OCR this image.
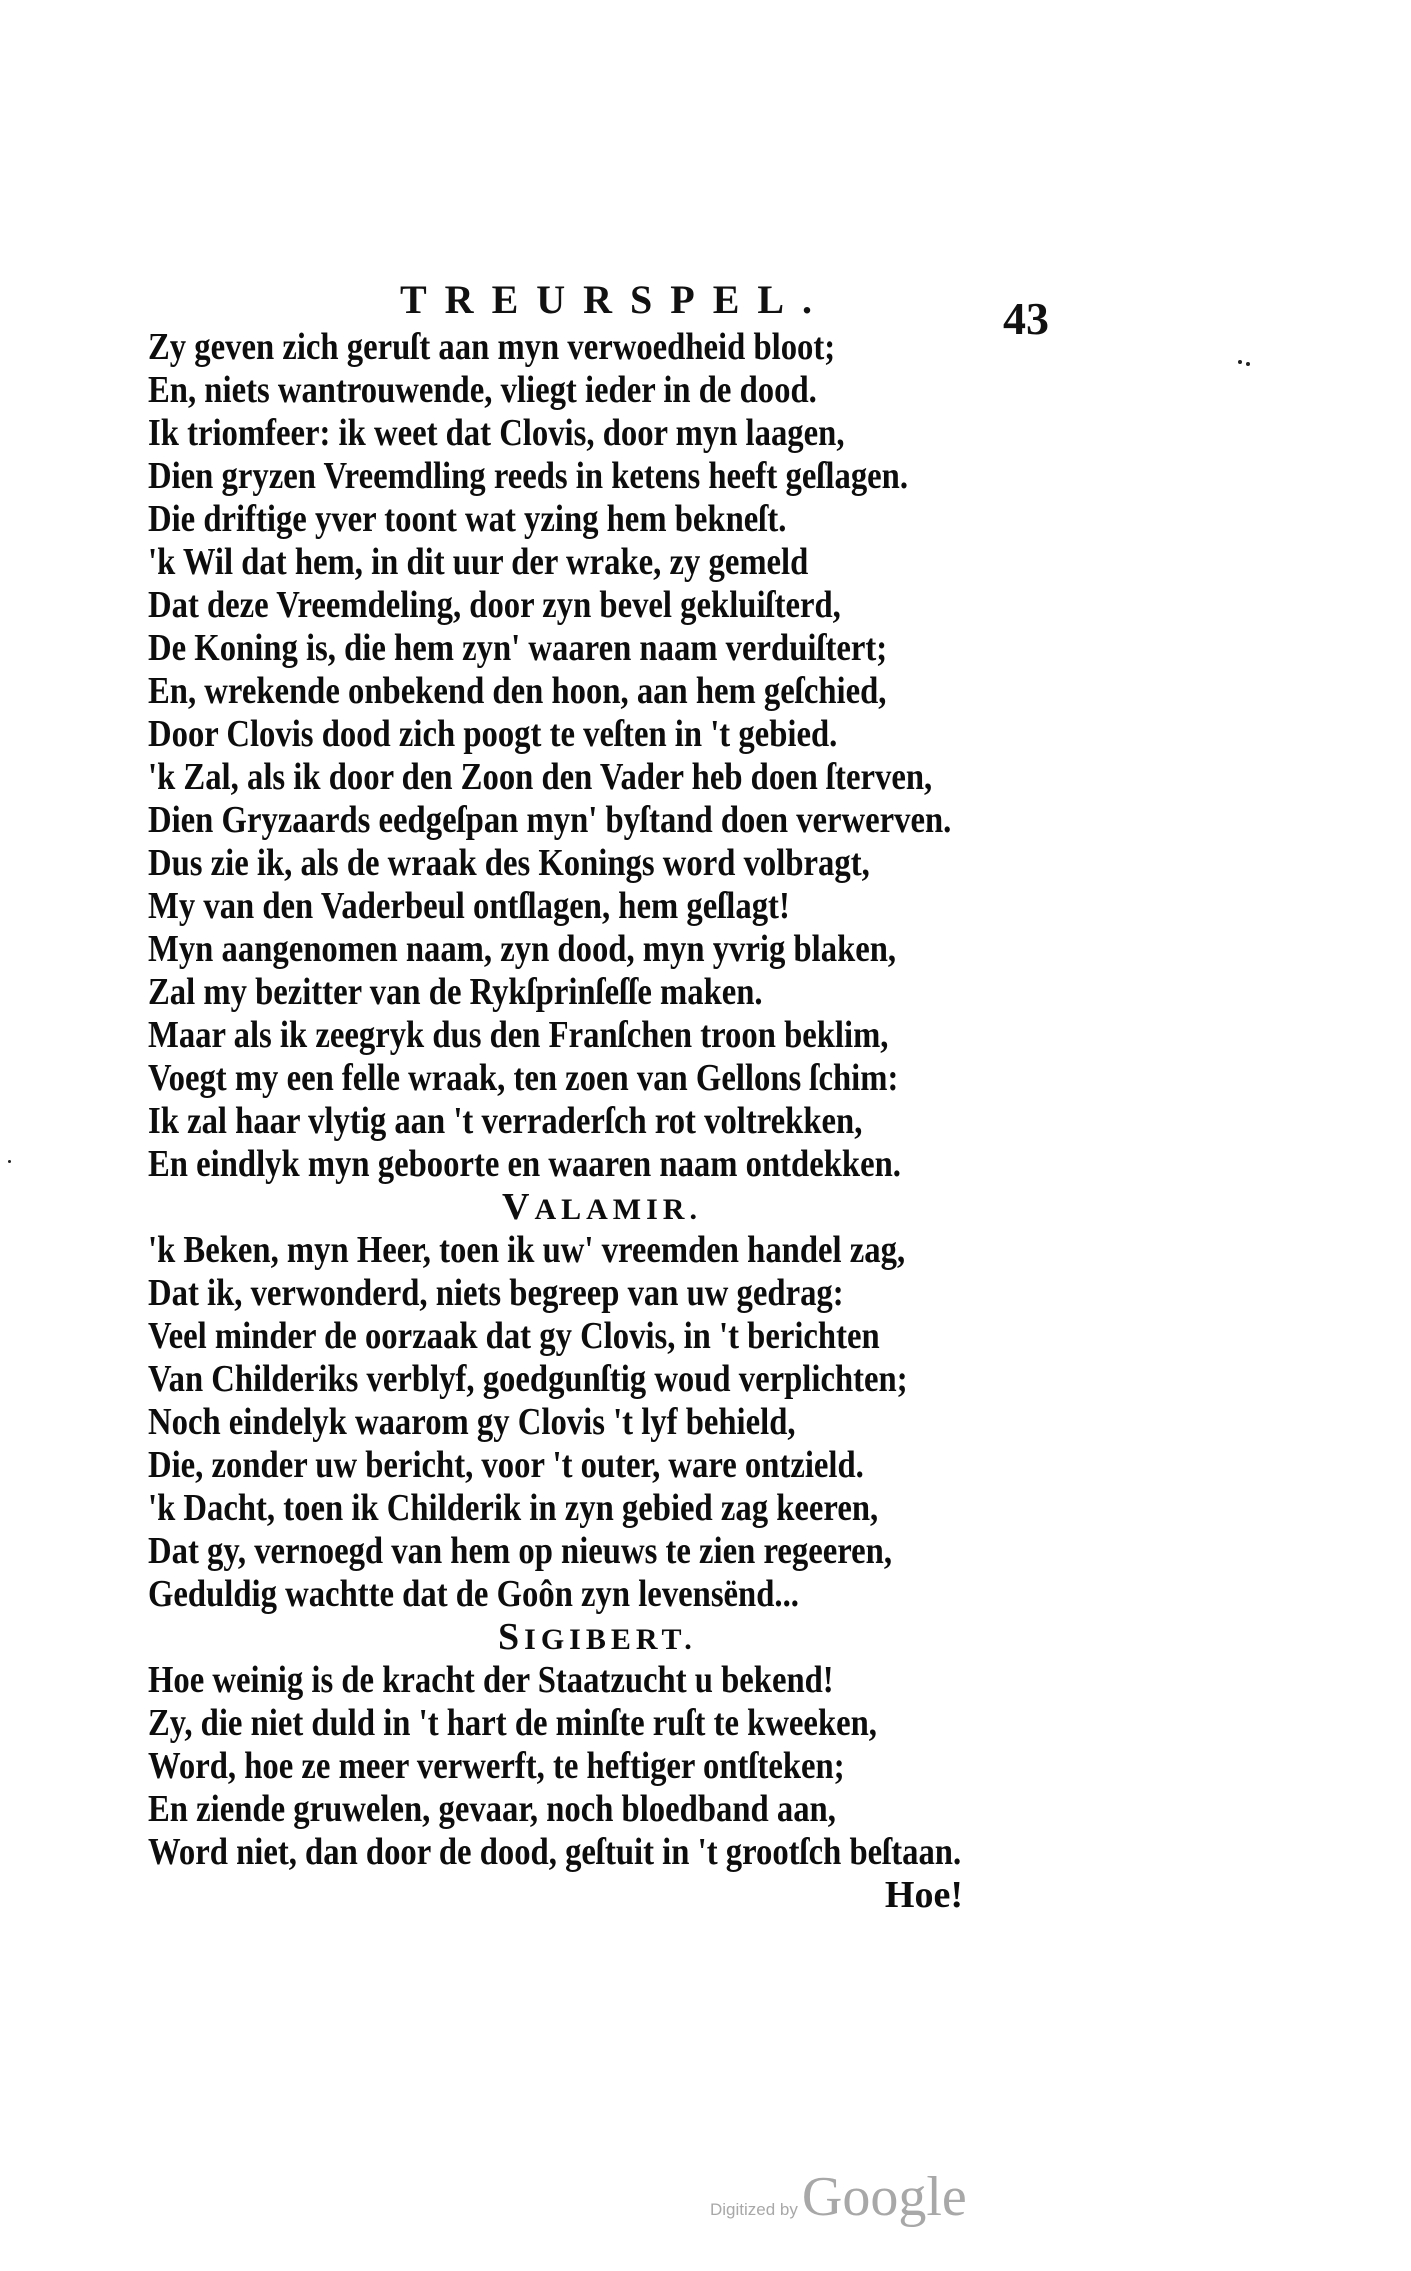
TREURSPEL.	43
Zy geven zich geruſt aan myn verwoedheid bloot;
En, niets wantrouwende, vliegt ieder in de dood.
Ik triomfeer: ik weet dat Clovis, door myn laagen,
Dien gryzen Vreemdling reeds in ketens heeft geſlagen.
Die driftige yver toont wat yzing hem bekneſt.
'k Wil dat hem, in dit uur der wrake, zy gemeld
Dat deze Vreemdeling, door zyn bevel gekluiſterd,
De Koning is, die hem zyn' waaren naam verduiſtert;
En, wrekende onbekend den hoon, aan hem geſchied,
Door Clovis dood zich poogt te veſten in 't gebied.
'k Zal, als ik door den Zoon den Vader heb doen ſterven,
Dien Gryzaards eedgeſpan myn' byſtand doen verwerven.
Dus zie ik, als de wraak des Konings word volbragt,
My van den Vaderbeul ontſlagen, hem geſlagt!
Myn aangenomen naam, zyn dood, myn yvrig blaken,
Zal my bezitter van de Rykſprinſeſſe maken.
Maar als ik zeegryk dus den Franſchen troon beklim,
Voegt my een felle wraak, ten zoen van Gellons ſchim:
Ik zal haar vlytig aan 't verraderſch rot voltrekken,
En eindlyk myn geboorte en waaren naam ontdekken.
VALAMIR.
'k Beken, myn Heer, toen ik uw' vreemden handel zag,
Dat ik, verwonderd, niets begreep van uw gedrag:
Veel minder de oorzaak dat gy Clovis, in 't berichten
Van Childeriks verblyf, goedgunſtig woud verplichten;
Noch eindelyk waarom gy Clovis 't lyf behield,
Die, zonder uw bericht, voor 't outer, ware ontzield.
'k Dacht, toen ik Childerik in zyn gebied zag keeren,
Dat gy, vernoegd van hem op nieuws te zien regeeren,
Geduldig wachtte dat de Goôn zyn levensënd...
SIGIBERT.
Hoe weinig is de kracht der Staatzucht u bekend!
Zy, die niet duld in 't hart de minſte ruſt te kweeken,
Word, hoe ze meer verwerft, te heftiger ontſteken;
En ziende gruwelen, gevaar, noch bloedband aan,
Word niet, dan door de dood, geſtuit in 't grootſch beſtaan.
Hoe!
Digitized byGoogle
